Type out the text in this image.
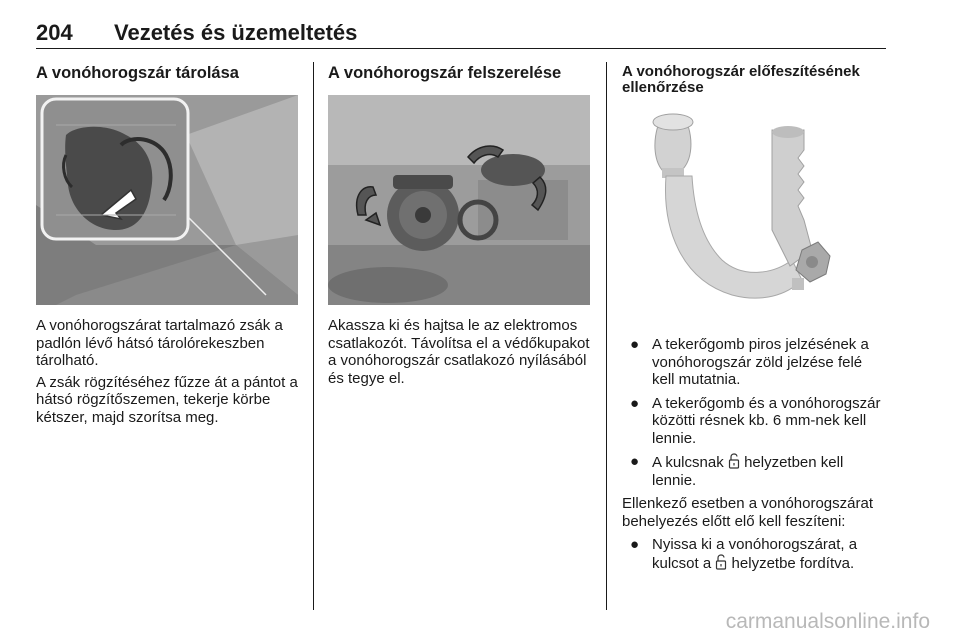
204 Vezetés és üzemeltetés
A vonóhorogszár tárolása

A vonóhorogszárat tartalmazó zsák a padlón lévő hátsó tárolórekeszben tárolható.

A zsák rögzítéséhez fűzze át a pántot a hátsó rögzítőszemen, tekerje körbe kétszer, majd szorítsa meg.

A vonóhorogszár felszerelése

Akassza ki és hajtsa le az elektromos csatlakozót. Távolítsa el a védőkupakot a vonóhorogszár csatlakozó nyílásából és tegye el.

A vonóhorogszár előfeszítésének ellenőrzése
● A tekerőgomb piros jelzésének a vonóhorogszár zöld jelzése felé kell mutatnia.
● A tekerőgomb és a vonóhorogszár közötti résnek kb. 6 mm-nek kell lennie.
● A kulcsnak helyzetben kell lennie.

Ellenkező esetben a vonóhorogszárat behelyezés előtt elő kell feszíteni:

● Nyissa ki a vonóhorogszárat, a kulcsot a helyzetbe fordítva.
carmanualsonline.info
